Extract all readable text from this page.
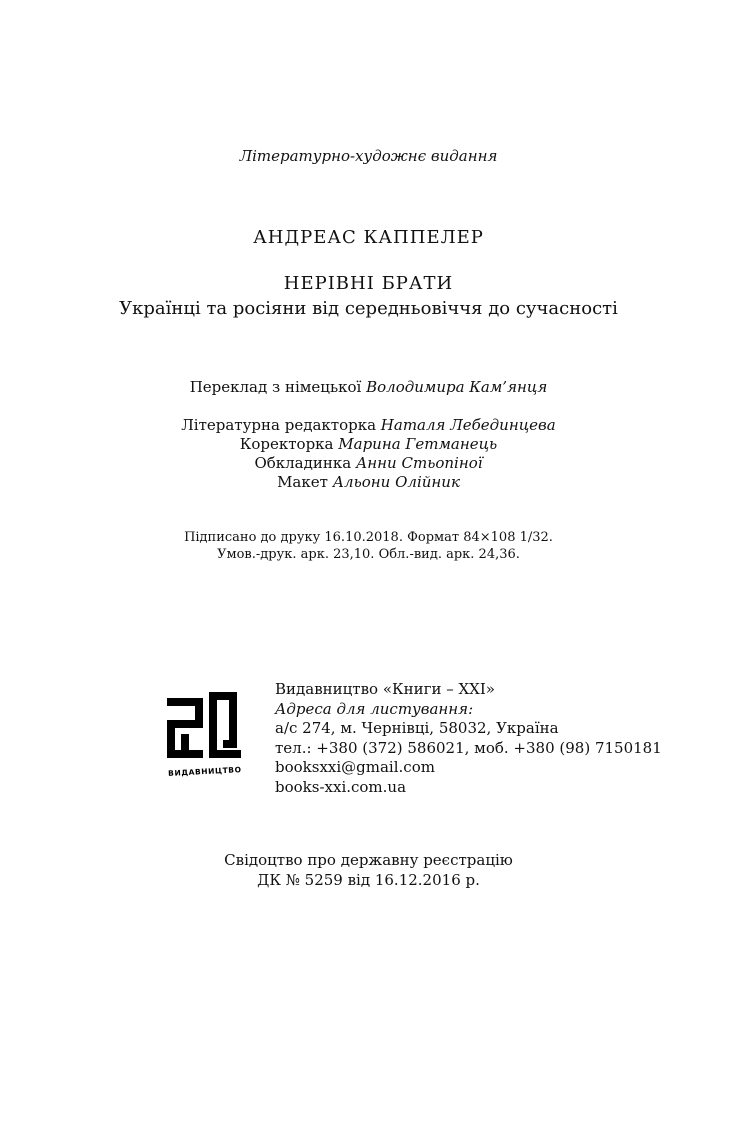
Літературно-художнє видання
АНДРЕАС КАППЕЛЕР
НЕРІВНІ БРАТИ
Українці та росіяни від середньовіччя до сучасності
Переклад з німецької Володимира Кам’янця
Літературна редакторка Наталя Лебединцева
Коректорка Марина Гетманець
Обкладинка Анни Стьопіної
Макет Альони Олійник
Підписано до друку 16.10.2018. Формат 84×108 1/32.
Умов.-друк. арк. 23,10. Обл.-вид. арк. 24,36.
ВИДАВНИЦТВО
Видавництво «Книги – XXI»
Адреса для листування:
а/с 274, м. Чернівці, 58032, Україна
тел.: +380 (372) 586021, моб. +380 (98) 7150181
booksxxi@gmail.com
books-xxi.com.ua
Свідоцтво про державну реєстрацію
ДК № 5259 від 16.12.2016 р.
